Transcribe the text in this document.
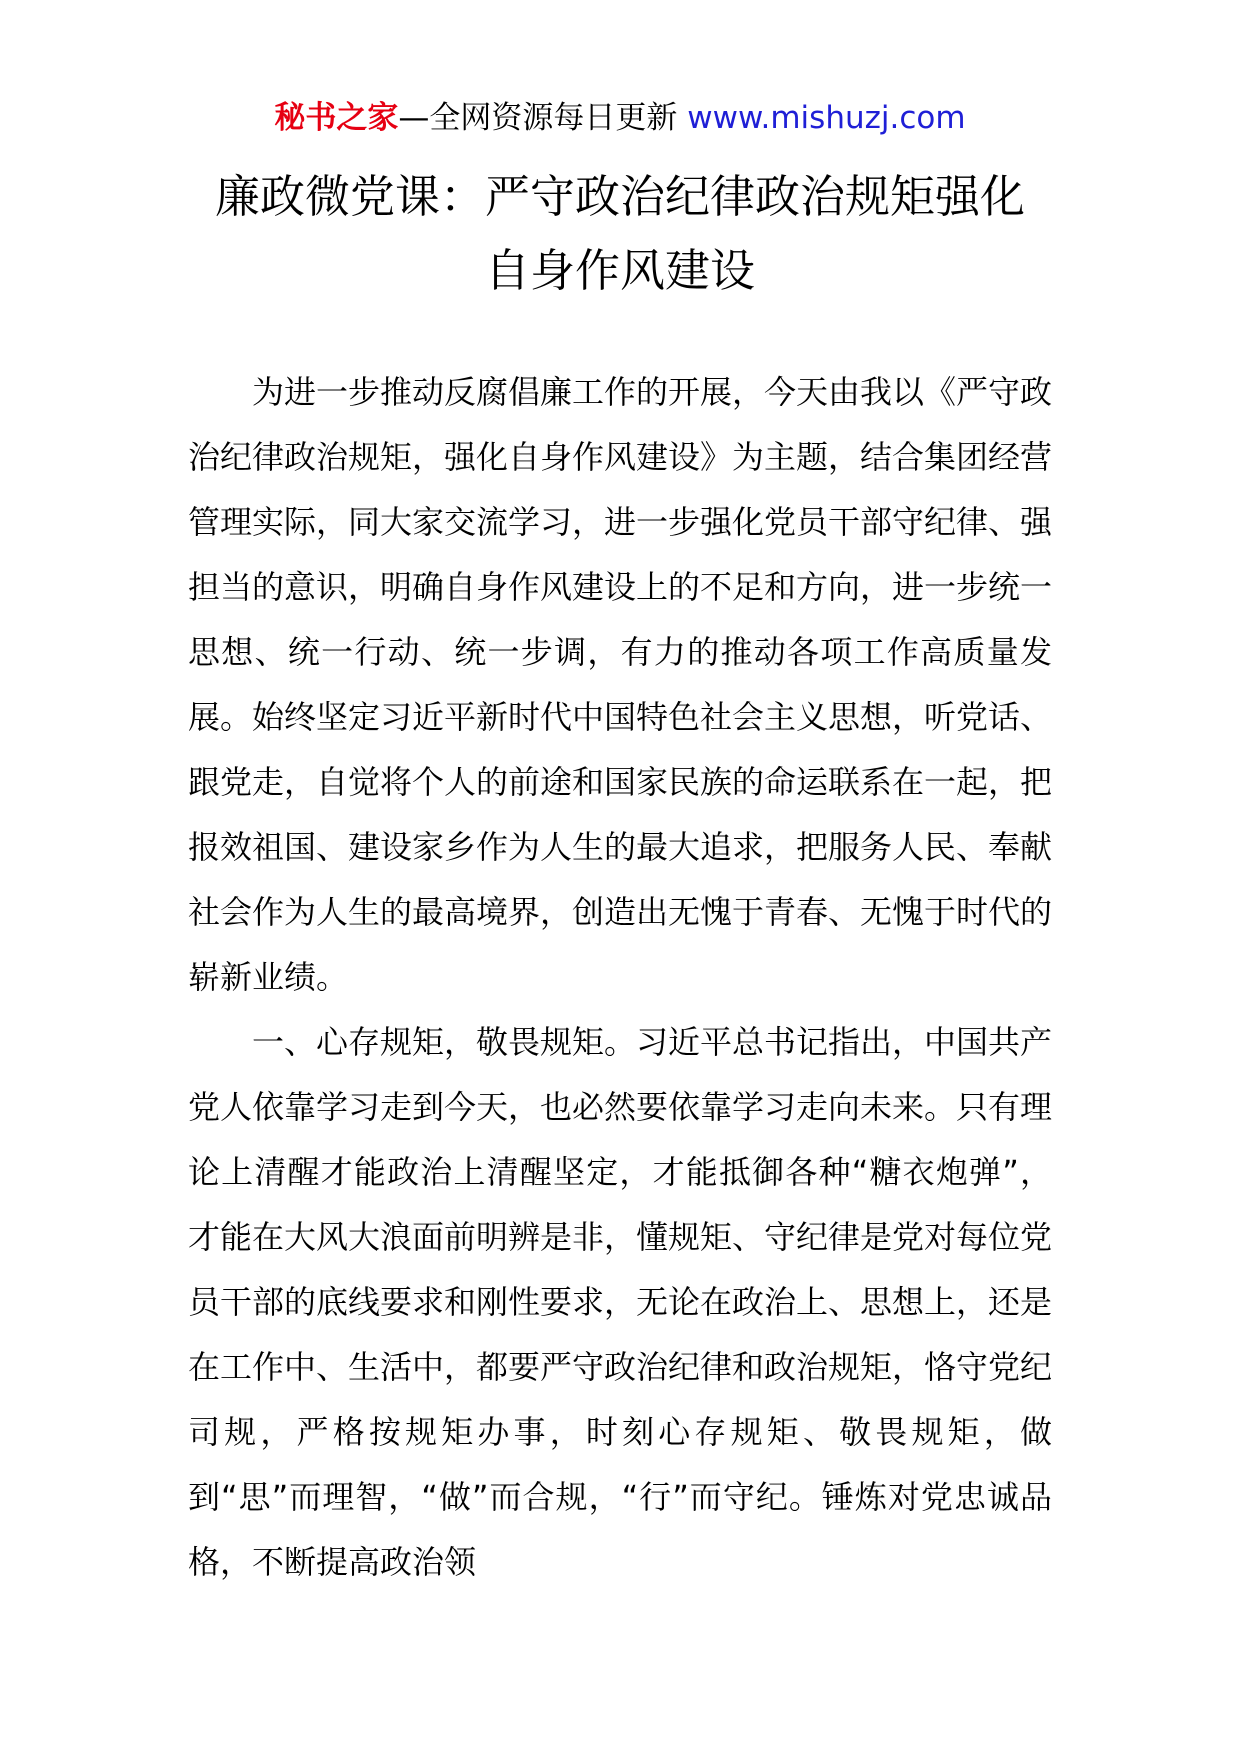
秘书之家—全网资源每日更新 www.mishuzj.com
廉政微党课：严守政治纪律政治规矩强化
自身作风建设

为进一步推动反腐倡廉工作的开展，今天由我以《严守政治纪律政治规矩，强化自身作风建设》为主题，结合集团经营管理实际，同大家交流学习，进一步强化党员干部守纪律、强担当的意识，明确自身作风建设上的不足和方向，进一步统一思想、统一行动、统一步调，有力的推动各项工作高质量发展。始终坚定习近平新时代中国特色社会主义思想，听党话、跟党走，自觉将个人的前途和国家民族的命运联系在一起，把报效祖国、建设家乡作为人生的最大追求，把服务人民、奉献社会作为人生的最高境界，创造出无愧于青春、无愧于时代的崭新业绩。

一、心存规矩，敬畏规矩。习近平总书记指出，中国共产党人依靠学习走到今天，也必然要依靠学习走向未来。只有理论上清醒才能政治上清醒坚定，才能抵御各种“糖衣炮弹”，才能在大风大浪面前明辨是非，懂规矩、守纪律是党对每位党员干部的底线要求和刚性要求，无论在政治上、思想上，还是在工作中、生活中，都要严守政治纪律和政治规矩，恪守党纪司规，严格按规矩办事，时刻心存规矩、敬畏规矩，做到“思”而理智，“做”而合规，“行”而守纪。锤炼对党忠诚品格，不断提高政治领
